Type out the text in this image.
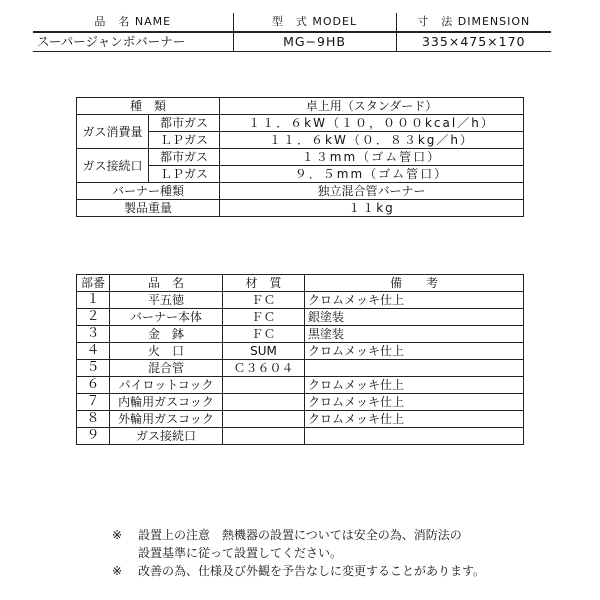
品　名 NAME	型　式 MODEL	寸　法 DIMENSION
スーパージャンボバーナー	MG−9HB	335×475×170
種　類		卓上用（スタンダード）
ガス消費量	都市ガス	１１．６kW（１０，０００kcal／h）
	ＬＰガス	１１．６kW（０．８３kg／h）
ガス接続口	都市ガス	１３mm（ゴム管口）
	ＬＰガス	９．５mm（ゴム管口）
バーナー種類		独立混合管バーナー
製品重量		１１kg
部番	品　名	材　質	備　　考
１	平五徳	ＦＣ	クロムメッキ仕上
２	バーナー本体	ＦＣ	銀塗装
３	金　鉢	ＦＣ	黒塗装
４	火　口	SUM	クロムメッキ仕上
５	混合管	Ｃ３６０４	
６	パイロットコック		クロムメッキ仕上
７	内輪用ガスコック		クロムメッキ仕上
８	外輪用ガスコック		クロムメッキ仕上
９	ガス接続口		
※	設置上の注意　熱機器の設置については安全の為、消防法の
設置基準に従って設置してください。
※	改善の為、仕様及び外観を予告なしに変更することがあります。
